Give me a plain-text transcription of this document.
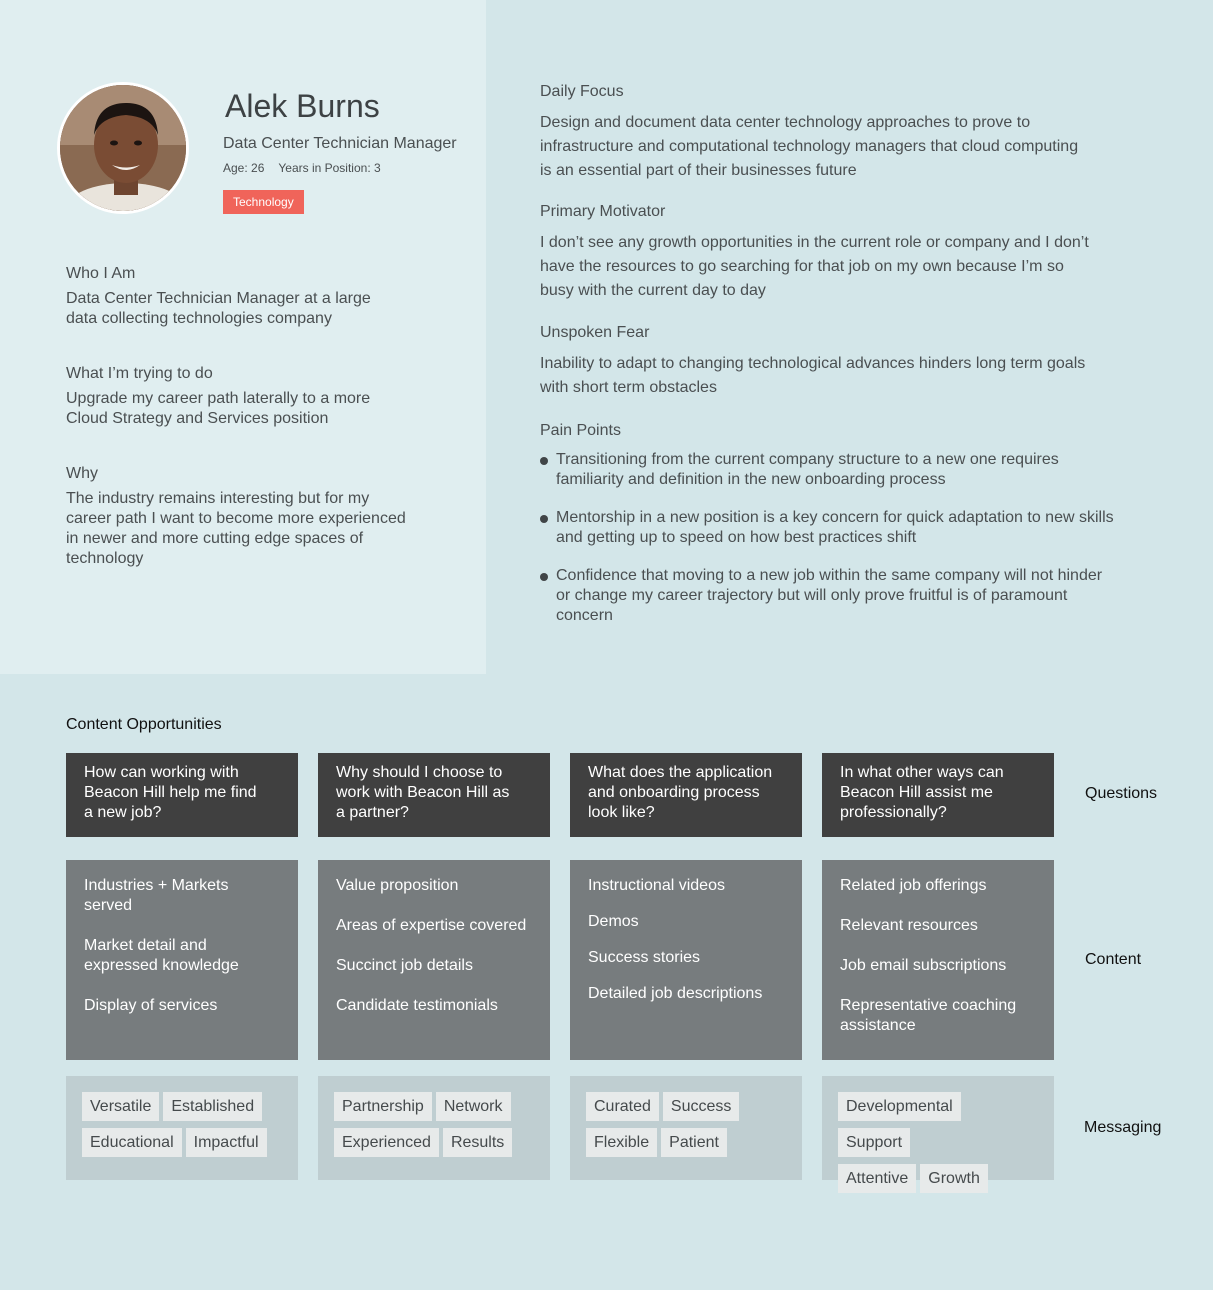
Alek Burns
Data Center Technician Manager
Age: 26 Years in Position: 3
Technology
Who I Am
Data Center Technician Manager at a large
data collecting technologies company
What I’m trying to do
Upgrade my career path laterally to a more
Cloud Strategy and Services position
Why
The industry remains interesting but for my
career path I want to become more experienced
in newer and more cutting edge spaces of
technology
Daily Focus
Design and document data center technology approaches to prove to
infrastructure and computational technology managers that cloud computing
is an essential part of their businesses future
Primary Motivator
I don’t see any growth opportunities in the current role or company and I don’t
have the resources to go searching for that job on my own because I’m so
busy with the current day to day
Unspoken Fear
Inability to adapt to changing technological advances hinders long term goals
with short term obstacles
Pain Points
Transitioning from the current company structure to a new one requires
familiarity and definition in the new onboarding process
Mentorship in a new position is a key concern for quick adaptation to new skills
and getting up to speed on how best practices shift
Confidence that moving to a new job within the same company will not hinder
or change my career trajectory but will only prove fruitful is of paramount
concern
Content Opportunities
How can working with
Beacon Hill help me find
a new job?
Why should I choose to
work with Beacon Hill as
a partner?
What does the application
and onboarding process
look like?
In what other ways can
Beacon Hill assist me
professionally?
Questions
Industries + Markets
served
Market detail and
expressed knowledge
Display of services
Value proposition
Areas of expertise covered
Succinct job details
Candidate testimonials
Instructional videos
Demos
Success stories
Detailed job descriptions
Related job offerings
Relevant resources
Job email subscriptions
Representative coaching
assistance
Content
Versatile Established
Educational Impactful
Partnership Network
Experienced Results
Curated Success
Flexible Patient
DevelopmentalSupport
Attentive Growth
Messaging
